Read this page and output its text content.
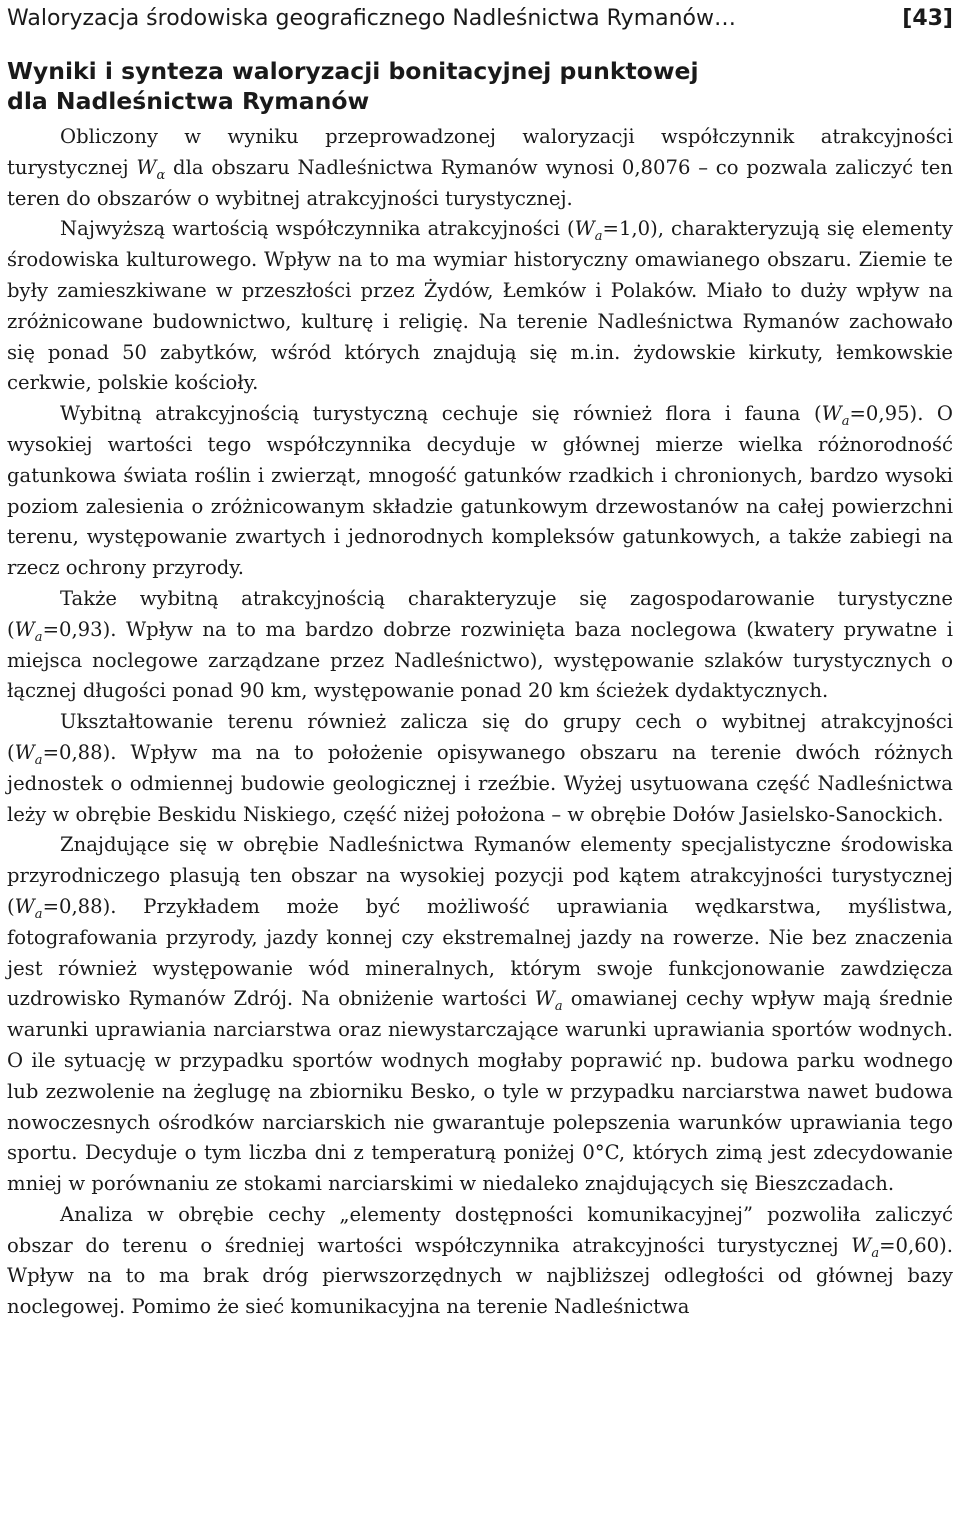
Waloryzacja środowiska geograficznego Nadleśnictwa Rymanów…	[43]
Wyniki i synteza waloryzacji bonitacyjnej punktowej
dla Nadleśnictwa Rymanów

Obliczony w wyniku przeprowadzonej waloryzacji współczynnik atrakcyjności turystycznej $W_\alpha$ dla obszaru Nadleśnictwa Rymanów wynosi 0,8076 – co pozwala zaliczyć ten teren do obszarów o wybitnej atrakcyjności turystycznej.

Najwyższą wartością współczynnika atrakcyjności $(W_a=1,0)$, charakteryzują się elementy środowiska kulturowego. Wpływ na to ma wymiar historyczny omawianego obszaru. Ziemie te były zamieszkiwane w przeszłości przez Żydów, Łemków i Polaków. Miało to duży wpływ na zróżnicowane budownictwo, kulturę i religię. Na terenie Nadleśnictwa Rymanów zachowało się ponad 50 zabytków, wśród których znajdują się m.in. żydowskie kirkuty, łemkowskie cerkwie, polskie kościoły.

Wybitną atrakcyjnością turystyczną cechuje się również flora i fauna $(W_a=0,95)$. O wysokiej wartości tego współczynnika decyduje w głównej mierze wielka różnorodność gatunkowa świata roślin i zwierząt, mnogość gatunków rzadkich i chronionych, bardzo wysoki poziom zalesienia o zróżnicowanym składzie gatunkowym drzewostanów na całej powierzchni terenu, występowanie zwartych i jednorodnych kompleksów gatunkowych, a także zabiegi na rzecz ochrony przyrody.

Także wybitną atrakcyjnością charakteryzuje się zagospodarowanie turystyczne $(W_a=0,93)$. Wpływ na to ma bardzo dobrze rozwinięta baza noclegowa (kwatery prywatne i miejsca noclegowe zarządzane przez Nadleśnictwo), występowanie szlaków turystycznych o łącznej długości ponad 90 km, występowanie ponad 20 km ścieżek dydaktycznych.

Ukształtowanie terenu również zalicza się do grupy cech o wybitnej atrakcyjności $(W_a=0,88)$. Wpływ ma na to położenie opisywanego obszaru na terenie dwóch różnych jednostek o odmiennej budowie geologicznej i rzeźbie. Wyżej usytuowana część Nadleśnictwa leży w obrębie Beskidu Niskiego, część niżej położona – w obrębie Dołów Jasielsko-Sanockich.

Znajdujące się w obrębie Nadleśnictwa Rymanów elementy specjalistyczne środowiska przyrodniczego plasują ten obszar na wysokiej pozycji pod kątem atrakcyjności turystycznej $(W_a=0,88)$. Przykładem może być możliwość uprawiania wędkarstwa, myślistwa, fotografowania przyrody, jazdy konnej czy ekstremalnej jazdy na rowerze. Nie bez znaczenia jest również występowanie wód mineralnych, którym swoje funkcjonowanie zawdzięcza uzdrowisko Rymanów Zdrój. Na obniżenie wartości $W_a$ omawianej cechy wpływ mają średnie warunki uprawiania narciarstwa oraz niewystarczające warunki uprawiania sportów wodnych. O ile sytuację w przypadku sportów wodnych mogłaby poprawić np. budowa parku wodnego lub zezwolenie na żeglugę na zbiorniku Besko, o tyle w przypadku narciarstwa nawet budowa nowoczesnych ośrodków narciarskich nie gwarantuje polepszenia warunków uprawiania tego sportu. Decyduje o tym liczba dni z temperaturą poniżej 0°C, których zimą jest zdecydowanie mniej w porównaniu ze stokami narciarskimi w niedaleko znajdujących się Bieszczadach.

Analiza w obrębie cechy „elementy dostępności komunikacyjnej” pozwoliła zaliczyć obszar do terenu o średniej wartości współczynnika atrakcyjności turystycznej $W_a=0,60$). Wpływ na to ma brak dróg pierwszorzędnych w najbliższej odległości od głównej bazy noclegowej. Pomimo że sieć komunikacyjna na terenie Nadleśnictwa
